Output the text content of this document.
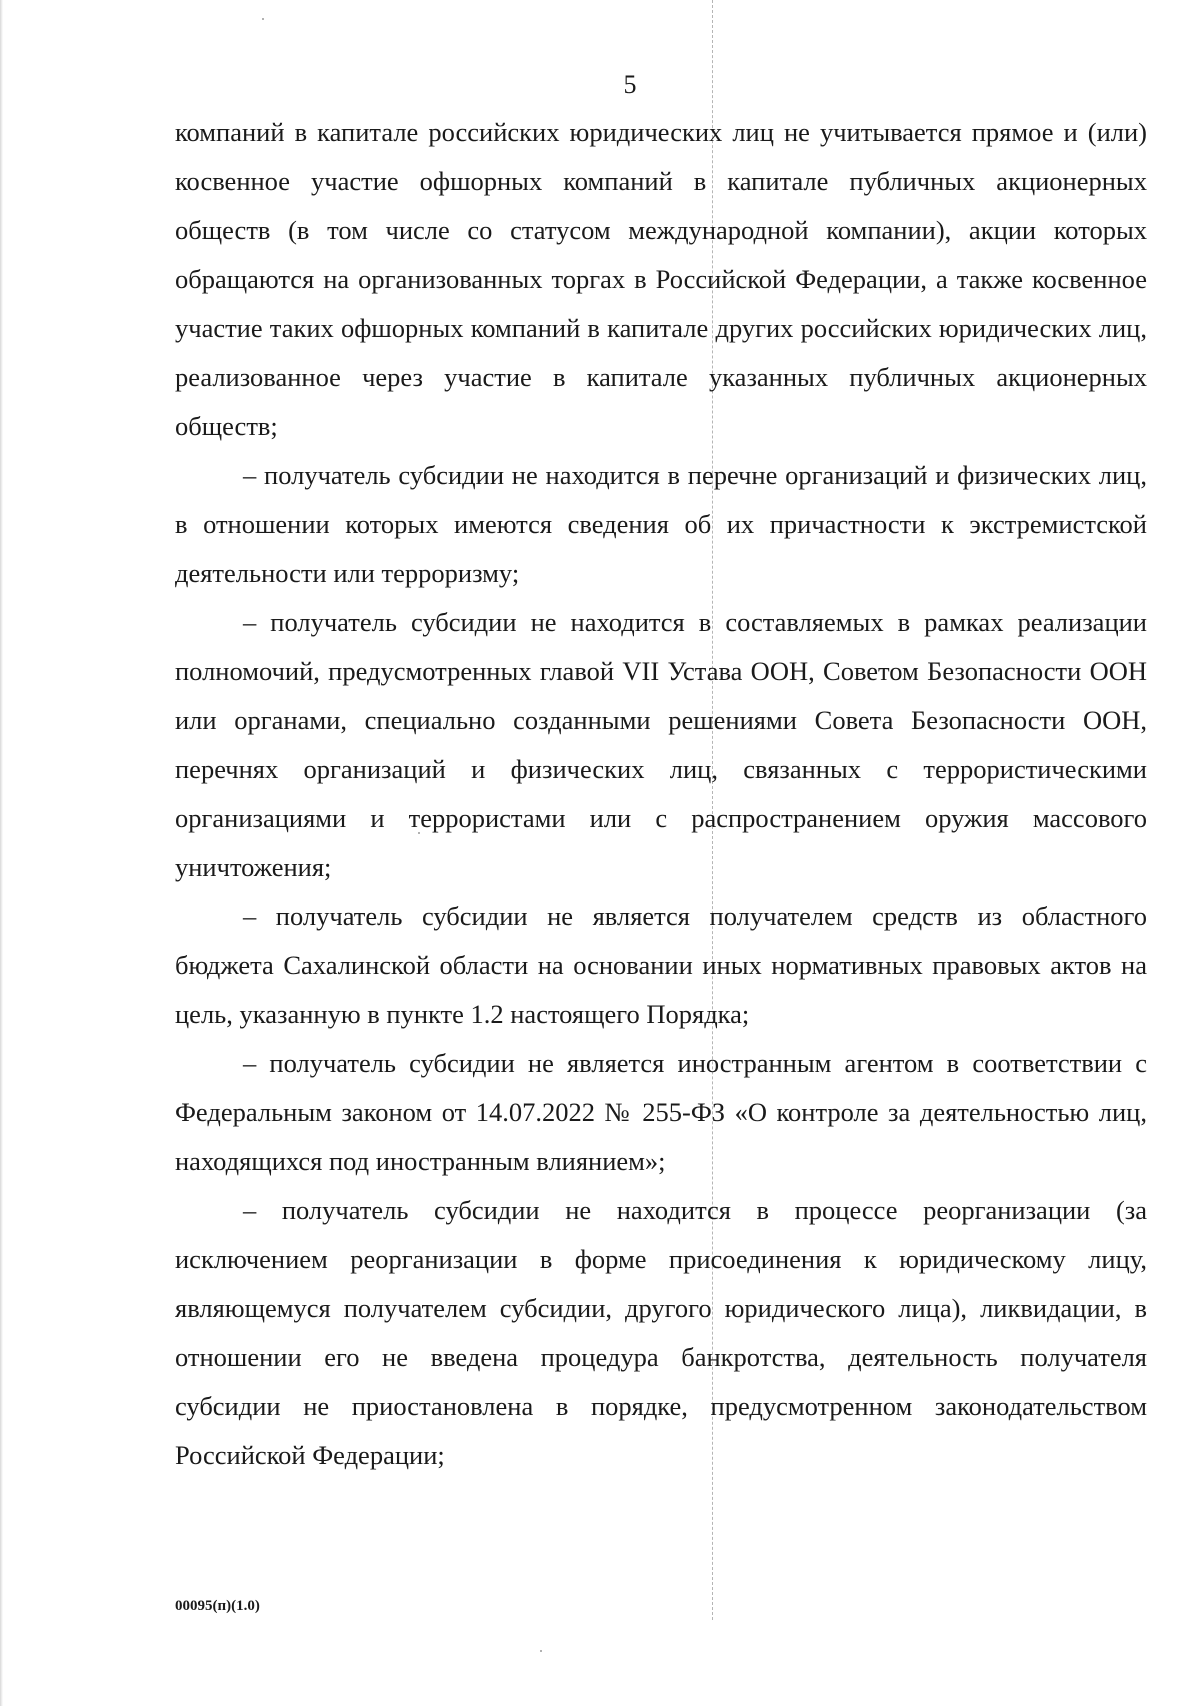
5

компаний в капитале российских юридических лиц не учитывается прямое и (или) косвенное участие офшорных компаний в капитале публичных акционерных обществ (в том числе со статусом международной компании), акции которых обращаются на организованных торгах в Российской Федерации, а также косвенное участие таких офшорных компаний в капитале других российских юридических лиц, реализованное через участие в капитале указанных публичных акционерных обществ;

– получатель субсидии не находится в перечне организаций и физических лиц, в отношении которых имеются сведения об их причастности к экстремистской деятельности или терроризму;

– получатель субсидии не находится в составляемых в рамках реализации полномочий, предусмотренных главой VII Устава ООН, Советом Безопасности ООН или органами, специально созданными решениями Совета Безопасности ООН, перечнях организаций и физических лиц, связанных с террористическими организациями и террористами или с распространением оружия массового уничтожения;

– получатель субсидии не является получателем средств из областного бюджета Сахалинской области на основании иных нормативных правовых актов на цель, указанную в пункте 1.2 настоящего Порядка;

– получатель субсидии не является иностранным агентом в соответствии с Федеральным законом от 14.07.2022 № 255-ФЗ «О контроле за деятельностью лиц, находящихся под иностранным влиянием»;

– получатель субсидии не находится в процессе реорганизации (за исключением реорганизации в форме присоединения к юридическому лицу, являющемуся получателем субсидии, другого юридического лица), ликвидации, в отношении его не введена процедура банкротства, деятельность получателя субсидии не приостановлена в порядке, предусмотренном законодательством Российской Федерации;

00095(п)(1.0)
